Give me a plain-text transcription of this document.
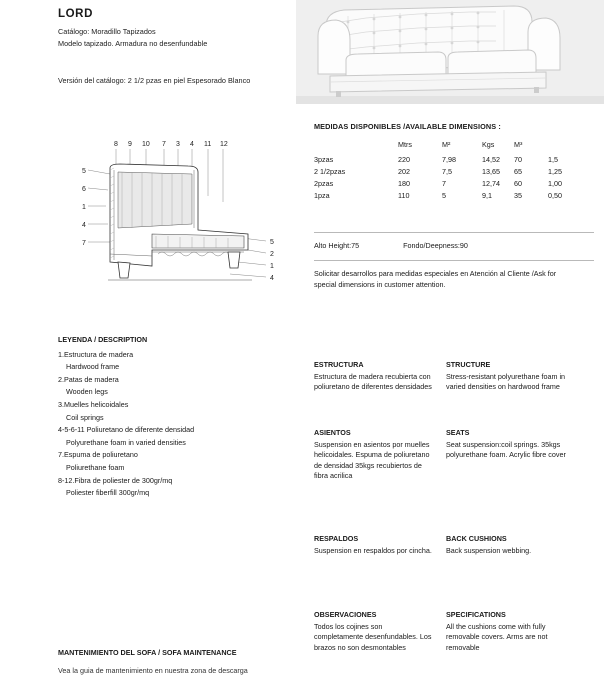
LORD
Catálogo: Moradillo Tapizados
Modelo tapizado. Armadura no desenfundable
Versión del catálogo: 2 1/2 pzas en piel Espesorado Blanco
MEDIDAS DISPONIBLES /AVAILABLE DIMENSIONS :
	Mtrs	M²	Kgs	M³	
3pzas	220	7,98	14,52	70	1,5
2 1/2pzas	202	7,5	13,65	65	1,25
2pzas	180	7	12,74	60	1,00
1pza	110	5	9,1	35	0,50
Alto Height:75	Fondo/Deepness:90
Solicitar desarrollos para medidas especiales en Atención al Cliente /Ask for special dimensions in customer attention.
8 9 10 7 3 4 11 12
5
6
1
4
7	5
2
1
4
LEYENDA / DESCRIPTION
1.Estructura de madera
Hardwood frame
2.Patas de madera
Wooden legs
3.Muelles helicoidales
Coil springs
4-5-6-11 Poliuretano de diferente densidad
Polyurethane foam in varied densities
7.Espuma de poliuretano
Poliurethane foam
8-12.Fibra de poliester de 300gr/mq
Poliester fiberfill 300gr/mq
ESTRUCTURA
Estructura de madera recubierta con poliuretano de diferentes densidades
STRUCTURE
Stress-resistant polyurethane foam in varied densities on hardwood frame
ASIENTOS
Suspension en asientos por muelles helicoidales. Espuma de poliuretano de densidad 35kgs recubiertos de fibra acrilica
SEATS
Seat suspension:coil springs. 35kgs polyurethane foam. Acrylic fibre cover
RESPALDOS
Suspension en respaldos por cincha.
BACK CUSHIONS
Back suspension webbing.
OBSERVACIONES
Todos los cojines son completamente desenfundables. Los brazos no son desmontables
SPECIFICATIONS
All the cushions come with fully removable covers. Arms are not removable
MANTENIMIENTO DEL SOFA / SOFA MAINTENANCE
Vea la guia de mantenimiento en nuestra zona de descarga
